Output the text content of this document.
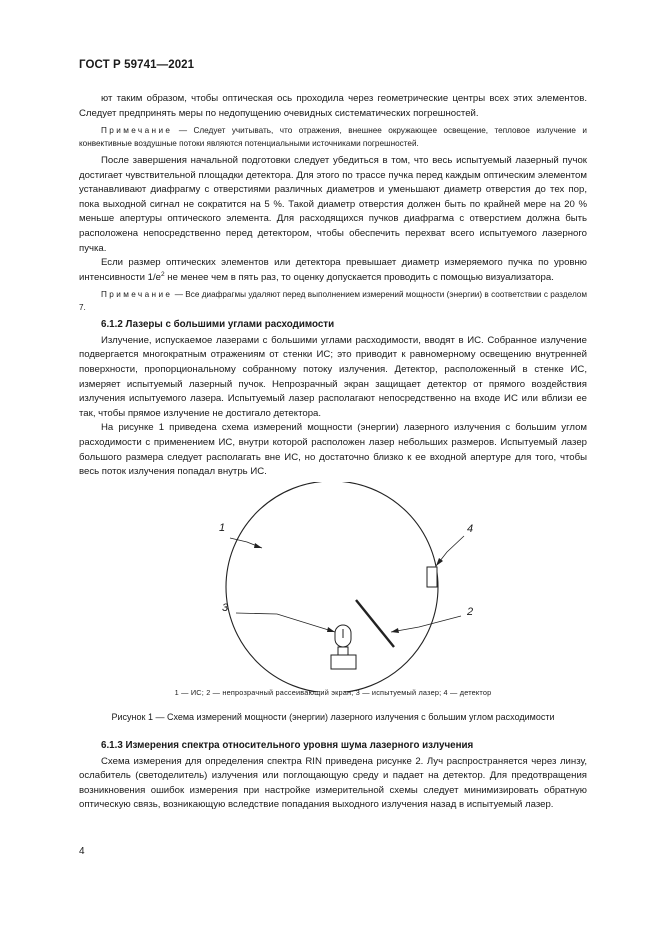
ГОСТ Р 59741—2021

ют таким образом, чтобы оптическая ось проходила через геометрические центры всех этих элементов. Следует предпринять меры по недопущению очевидных систематических погрешностей.

Примечание — Следует учитывать, что отражения, внешнее окружающее освещение, тепловое излучение и конвективные воздушные потоки являются потенциальными источниками погрешностей.

После завершения начальной подготовки следует убедиться в том, что весь испытуемый лазерный пучок достигает чувствительной площадки детектора. Для этого по трассе пучка перед каждым оптическим элементом устанавливают диафрагму с отверстиями различных диаметров и уменьшают диаметр отверстия до тех пор, пока выходной сигнал не сократится на 5 %. Такой диаметр отверстия должен быть по крайней мере на 20 % меньше апертуры оптического элемента. Для расходящихся пучков диафрагма с отверстием должна быть расположена непосредственно перед детектором, чтобы обеспечить перехват всего испытуемого лазерного пучка.

Если размер оптических элементов или детектора превышает диаметр измеряемого пучка по уровню интенсивности $1/e^2$ не менее чем в пять раз, то оценку допускается проводить с помощью визуализатора.

Примечание — Все диафрагмы удаляют перед выполнением измерений мощности (энергии) в соответствии с разделом 7.

6.1.2 Лазеры с большими углами расходимости

Излучение, испускаемое лазерами с большими углами расходимости, вводят в ИС. Собранное излучение подвергается многократным отражениям от стенки ИС; это приводит к равномерному освещению внутренней поверхности, пропорциональному собранному потоку излучения. Детектор, расположенный в стенке ИС, измеряет испытуемый лазерный пучок. Непрозрачный экран защищает детектор от прямого воздействия излучения испытуемого лазера. Испытуемый лазер располагают непосредственно на входе ИС или вблизи ее так, чтобы прямое излучение не достигало детектора.

На рисунке 1 приведена схема измерений мощности (энергии) лазерного излучения с большим углом расходимости с применением ИС, внутри которой расположен лазер небольших размеров. Испытуемый лазер большого размера следует располагать вне ИС, но достаточно близко к ее входной апертуре для того, чтобы весь поток излучения попадал внутрь ИС.

1
2
3
4
1 — ИС; 2 — непрозрачный рассеивающий экран; 3 — испытуемый лазер; 4 — детектор
Рисунок 1 — Схема измерений мощности (энергии) лазерного излучения с большим углом расходимости

6.1.3 Измерения спектра относительного уровня шума лазерного излучения

Схема измерения для определения спектра RIN приведена рисунке 2. Луч распространяется через линзу, ослабитель (светоделитель) излучения или поглощающую среду и падает на детектор. Для предотвращения возникновения ошибок измерения при настройке измерительной схемы следует минимизировать обратную оптическую связь, возникающую вследствие попадания выходного излучения назад в испытуемый лазер.

4
